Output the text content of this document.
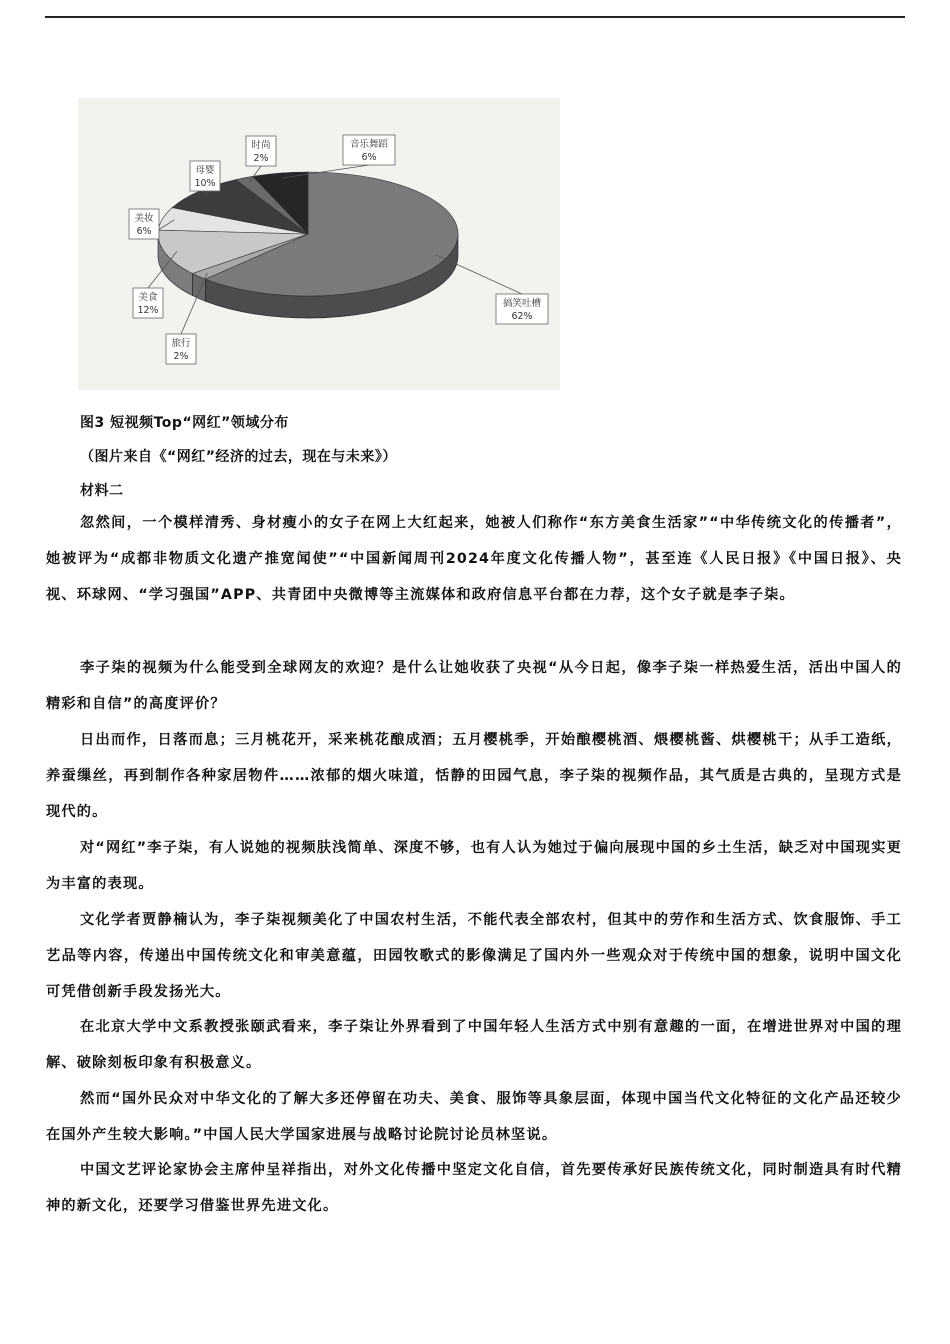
搞笑吐槽
62%
旅行
2%
美食
12%
美妆
6%
母婴
10%
时尚
2%
音乐舞蹈
6%
图3 短视频Top“网红”领域分布
（图片来自《“网红”经济的过去，现在与未来》）
材料二
忽然间，一个模样清秀、身材瘦小的女子在网上大红起来，她被人们称作“东方美食生活家”“中华传统文化的传播者”，她被评为“成都非物质文化遗产推宽闻使”“中国新闻周刊2024年度文化传播人物”，甚至连《人民日报》《中国日报》、央视、环球网、“学习强国”APP、共青团中央微博等主流媒体和政府信息平台都在力荐，这个女子就是李子柒。
李子柒的视频为什么能受到全球网友的欢迎？是什么让她收获了央视“从今日起，像李子柒一样热爱生活，活出中国人的精彩和自信”的高度评价？
日出而作，日落而息；三月桃花开，采来桃花酿成酒；五月樱桃季，开始酿樱桃酒、煨樱桃酱、烘樱桃干；从手工造纸，养蚕缫丝，再到制作各种家居物件……浓郁的烟火味道，恬静的田园气息，李子柒的视频作品，其气质是古典的，呈现方式是现代的。
对“网红”李子柒，有人说她的视频肤浅简单、深度不够，也有人认为她过于偏向展现中国的乡土生活，缺乏对中国现实更为丰富的表现。
文化学者贾静楠认为，李子柒视频美化了中国农村生活，不能代表全部农村，但其中的劳作和生活方式、饮食服饰、手工艺品等内容，传递出中国传统文化和审美意蕴，田园牧歌式的影像满足了国内外一些观众对于传统中国的想象，说明中国文化可凭借创新手段发扬光大。
在北京大学中文系教授张颐武看来，李子柒让外界看到了中国年轻人生活方式中别有意趣的一面，在增进世界对中国的理解、破除刻板印象有积极意义。
然而“国外民众对中华文化的了解大多还停留在功夫、美食、服饰等具象层面，体现中国当代文化特征的文化产品还较少在国外产生较大影响。”中国人民大学国家进展与战略讨论院讨论员林坚说。
中国文艺评论家协会主席仲呈祥指出，对外文化传播中坚定文化自信，首先要传承好民族传统文化，同时制造具有时代精神的新文化，还要学习借鉴世界先进文化。
